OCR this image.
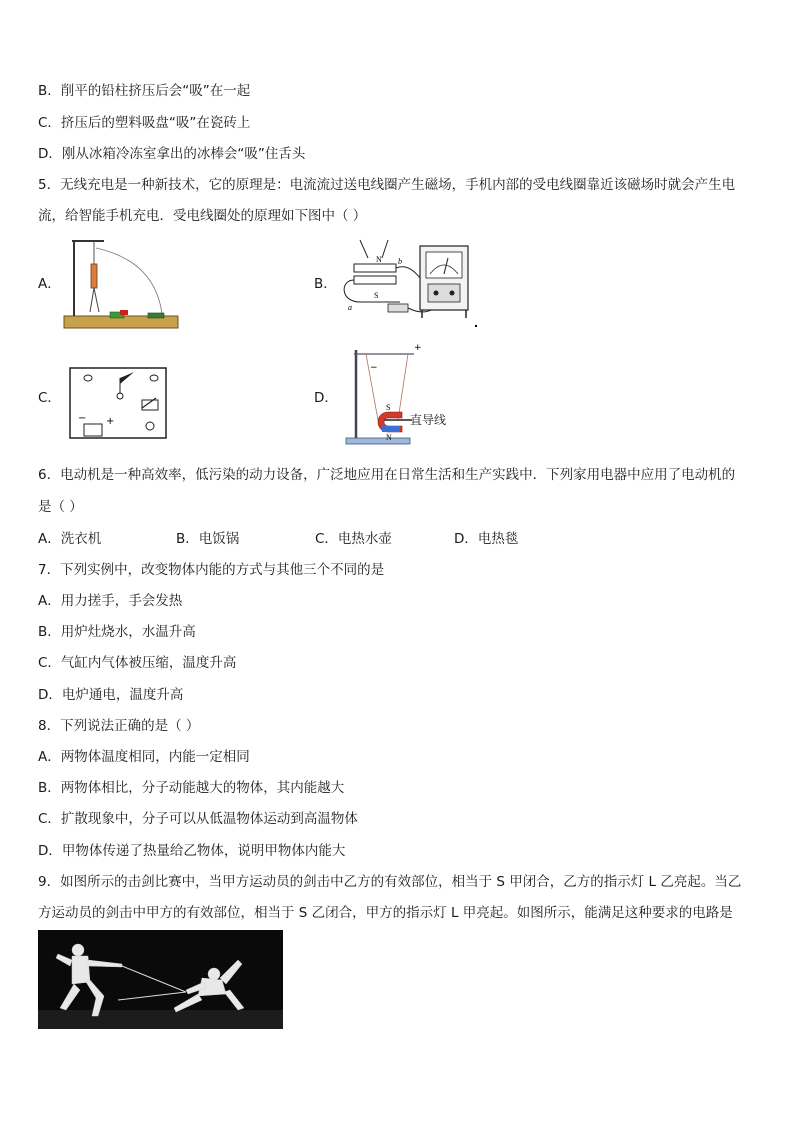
B．削平的铅柱挤压后会“吸”在一起
C．挤压后的塑料吸盘“吸”在瓷砖上
D．刚从冰箱冷冻室拿出的冰棒会“吸”住舌头
5．无线充电是一种新技术，它的原理是：电流流过送电线圈产生磁场，手机内部的受电线圈靠近该磁场时就会产生电
流，给智能手机充电．受电线圈处的原理如下图中（ ）
A．	B．
C．	D．
N
S
a
b
− +
S
N
+
−
直导线
6．电动机是一种高效率，低污染的动力设备，广泛地应用在日常生活和生产实践中．下列家用电器中应用了电动机的
是（ ）
A．洗衣机	B．电饭锅	C．电热水壶	D．电热毯
7．下列实例中，改变物体内能的方式与其他三个不同的是
A．用力搓手，手会发热
B．用炉灶烧水，水温升高
C．气缸内气体被压缩，温度升高
D．电炉通电，温度升高
8．下列说法正确的是（ ）
A．两物体温度相同，内能一定相同
B．两物体相比，分子动能越大的物体，其内能越大
C．扩散现象中，分子可以从低温物体运动到高温物体
D．甲物体传递了热量给乙物体，说明甲物体内能大
9．如图所示的击剑比赛中，当甲方运动员的剑击中乙方的有效部位，相当于 S 甲闭合，乙方的指示灯 L 乙亮起。当乙
方运动员的剑击中甲方的有效部位，相当于 S 乙闭合，甲方的指示灯 L 甲亮起。如图所示，能满足这种要求的电路是
